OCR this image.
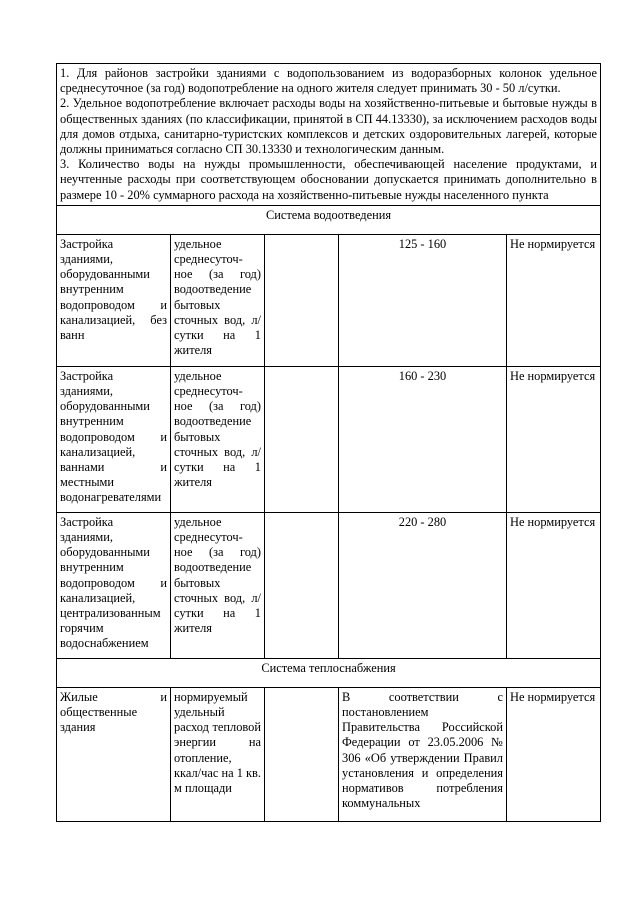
1. Для районов застройки зданиями с водопользованием из водоразборных колонок удельное среднесуточное (за год) водопотребление на одного жителя следует принимать 30 - 50 л/сутки.

2. Удельное водопотребление включает расходы воды на хозяйственно-питьевые и бытовые нужды в общественных зданиях (по классификации, принятой в СП 44.13330), за исключением расходов воды для домов отдыха, санитарно-туристских комплексов и детских оздоровительных лагерей, которые должны приниматься согласно СП 30.13330 и технологическим данным.

3. Количество воды на нужды промышленности, обеспечивающей население продуктами, и неучтенные расходы при соответствующем обосновании допускается принимать дополнительно в размере 10 - 20% суммарного расхода на хозяйственно-питьевые нужды населенного пункта				

Система водоотведения				
Застройка зданиями, оборудованными внутренним водопроводом и канализацией, без ванн	удельное среднесуточ-ное (за год) водоотведение бытовых сточных вод, л/сутки на 1 жителя		125 - 160	Не нормируется
Застройка зданиями, оборудованными внутренним водопроводом и канализацией, ваннами и местными водонагревателями	удельное среднесуточ-ное (за год) водоотведение бытовых сточных вод, л/сутки на 1 жителя		160 - 230	Не нормируется
Застройка зданиями, оборудованными внутренним водопроводом и канализацией, централизованным горячим водоснабжением	удельное среднесуточ-ное (за год) водоотведение бытовых сточных вод, л/сутки на 1 жителя		220 - 280	Не нормируется
Система теплоснабжения				
Жилые и общественные здания	нормируемый удельный расход тепловой энергии на отопление, ккал/час на 1 кв. м площади		В соответствии с постановлением Правительства Российской Федерации от 23.05.2006 № 306 «Об утверждении Правил установления и определения нормативов потребления коммунальных	Не нормируется
